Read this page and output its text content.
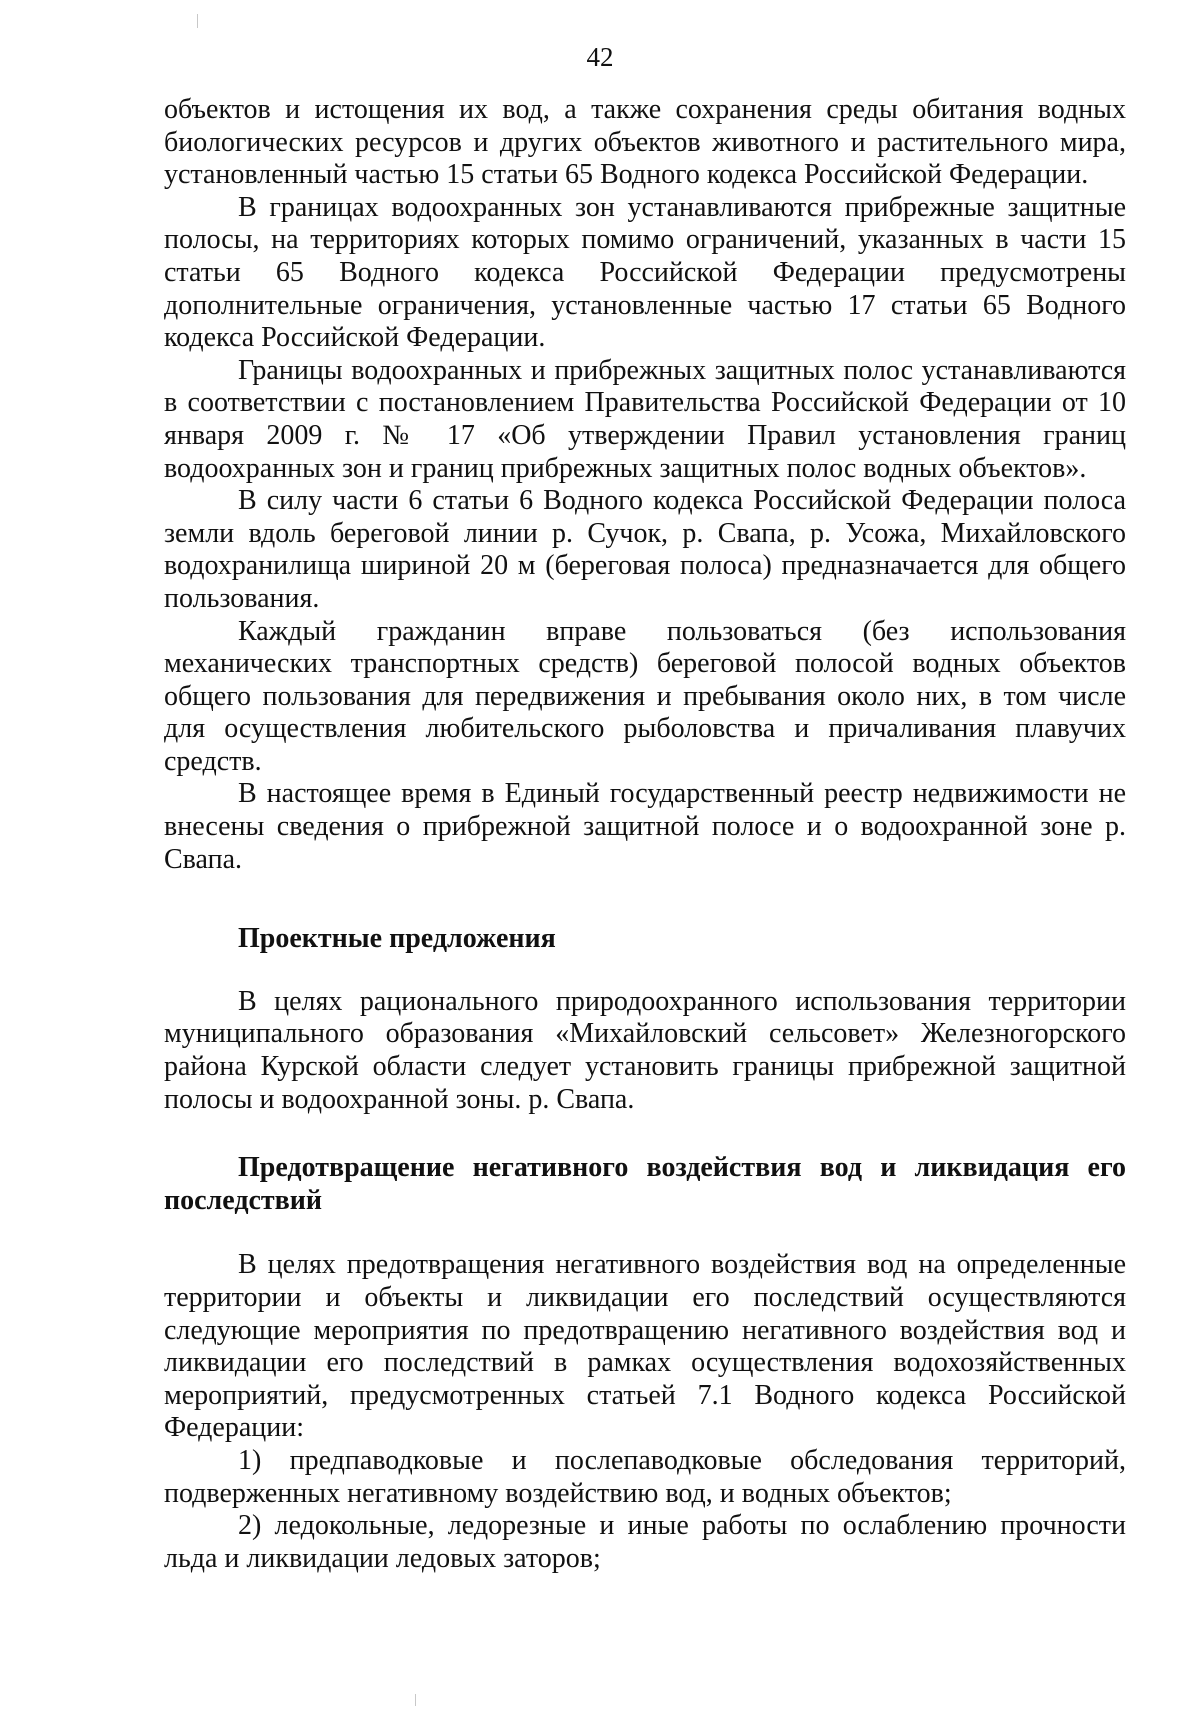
42

объектов и истощения их вод, а также сохранения среды обитания водных биологических ресурсов и других объектов животного и растительного мира, установленный частью 15 статьи 65 Водного кодекса Российской Федерации.

В границах водоохранных зон устанавливаются прибрежные защитные полосы, на территориях которых помимо ограничений, указанных в части 15 статьи 65 Водного кодекса Российской Федерации предусмотрены дополнительные ограничения, установленные частью 17 статьи 65 Водного кодекса Российской Федерации.

Границы водоохранных и прибрежных защитных полос устанавливаются в соответствии с постановлением Правительства Российской Федерации от 10 января 2009 г. № 17 «Об утверждении Правил установления границ водоохранных зон и границ прибрежных защитных полос водных объектов».

В силу части 6 статьи 6 Водного кодекса Российской Федерации полоса земли вдоль береговой линии р. Сучок, р. Свапа, р. Усожа, Михайловского водохранилища шириной 20 м (береговая полоса) предназначается для общего пользования.

Каждый гражданин вправе пользоваться (без использования механических транспортных средств) береговой полосой водных объектов общего пользования для передвижения и пребывания около них, в том числе для осуществления любительского рыболовства и причаливания плавучих средств.

В настоящее время в Единый государственный реестр недвижимости не внесены сведения о прибрежной защитной полосе и о водоохранной зоне р. Свапа.

Проектные предложения

В целях рационального природоохранного использования территории муниципального образования «Михайловский сельсовет» Железногорского района Курской области следует установить границы прибрежной защитной полосы и водоохранной зоны. р. Свапа.

Предотвращение негативного воздействия вод и ликвидация его последствий

В целях предотвращения негативного воздействия вод на определенные территории и объекты и ликвидации его последствий осуществляются следующие мероприятия по предотвращению негативного воздействия вод и ликвидации его последствий в рамках осуществления водохозяйственных мероприятий, предусмотренных статьей 7.1 Водного кодекса Российской Федерации:

1) предпаводковые и послепаводковые обследования территорий, подверженных негативному воздействию вод, и водных объектов;

2) ледокольные, ледорезные и иные работы по ослаблению прочности льда и ликвидации ледовых заторов;
